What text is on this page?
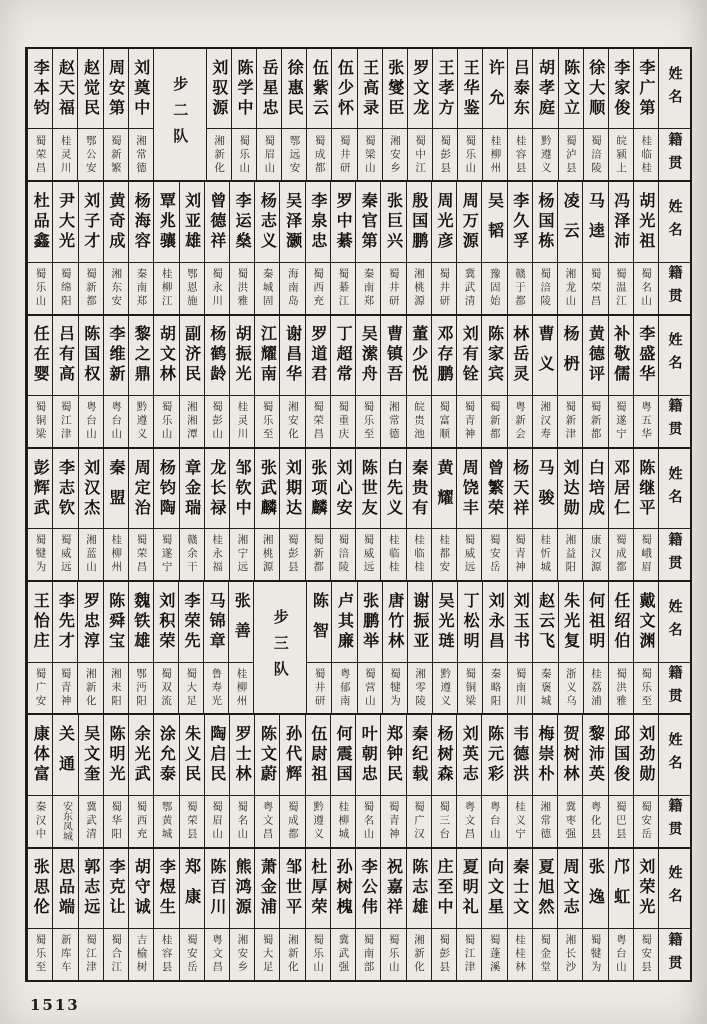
姓名
籍贯
李广第
桂临桂
李家俊
皖颍上
徐大顺
蜀涪陵
陈文立
蜀泸县
胡孝庭
黔遵义
吕泰东
桂容县
许允
桂柳州
王华鉴
蜀乐山
王孝方
蜀彭县
罗文龙
蜀中江
张燮臣
湘安乡
王高录
蜀梁山
伍少怀
蜀井研
伍紫云
蜀成都
徐惠民
鄂远安
岳星忠
蜀眉山
陈学中
蜀乐山
刘驭源
湘新化
步二队
刘奠中
湘常德
周安第
蜀新繁
赵觉民
鄂公安
赵天福
桂灵川
李本钧
蜀荣昌
姓名
籍贯
胡光祖
蜀名山
冯泽沛
蜀温江
马逵
蜀荣昌
凌云
湘龙山
杨国栋
蜀涪陵
李久孚
赣于都
吴韬
豫固始
周万源
冀武清
周光彦
蜀井研
殷国鹏
湘桃源
张巨兴
蜀井研
秦官第
秦南郑
罗中綦
蜀綦江
李泉忠
蜀西充
吴泽灏
海南岛
杨志义
秦城固
李运燊
蜀洪雅
曾德祥
蜀永川
刘亚雄
鄂恩施
覃兆骧
桂柳江
杨海容
秦南郑
黄奇成
湘东安
刘子才
蜀新都
尹大光
蜀绵阳
杜品鑫
蜀乐山
姓名
籍贯
李盛华
粤五华
补敬儒
蜀遂宁
黄德评
蜀新都
杨枬
蜀新津
曹义
湘汉寿
林岳灵
粤新会
陈家宾
蜀新都
刘有铨
蜀青神
邓存鹏
蜀富顺
董少悦
皖贵池
曹镇吾
湘常德
吴潆舟
蜀乐至
丁超常
蜀重庆
罗道君
蜀荣昌
谢昌华
湘安化
江耀南
蜀乐至
胡振光
桂灵川
杨鹤龄
蜀彭山
副济民
湘湘潭
胡文林
蜀乐山
黎之鼎
黔遵义
李维新
粤台山
陈国权
粤台山
吕有高
蜀江津
任在婴
蜀铜梁
姓名
籍贯
陈继平
蜀峨眉
邓居仁
蜀成都
白培成
康汉源
刘达勋
湘益阳
马骏
桂忻城
杨天祥
蜀青神
曾繁荣
蜀安岳
周饶丰
蜀威远
黄耀
桂都安
秦贵有
桂临桂
白先义
桂临桂
陈世友
蜀威远
刘心安
蜀涪陵
张项麟
蜀新都
刘期达
蜀彭县
张武麟
湘桃源
邹钦中
湘宁远
龙长禄
桂永福
章金瑞
赣余干
杨钧陶
蜀遂宁
周定治
蜀荣昌
秦盟
桂柳州
刘汉杰
湘蓝山
李志钦
蜀威远
彭辉武
蜀犍为
姓名
籍贯
戴文渊
蜀乐至
任绍伯
蜀洪雅
何祖明
桂荔浦
朱光复
浙义乌
赵云飞
秦褒城
刘玉书
蜀南川
刘永昌
秦略阳
丁松明
蜀铜梁
吴光琏
黔遵义
谢振亚
湘零陵
唐竹林
蜀犍为
张鹏举
蜀营山
卢其廉
粤郁南
陈智
蜀井研
步三队
张善
桂柳州
马锦章
鲁寿光
李荣先
蜀大足
刘积荣
蜀双流
魏铁雄
鄂沔阳
陈舜宝
湘耒阳
罗忠淳
湘新化
李先才
蜀青神
王怡庄
蜀广安
姓名
籍贯
刘劲勋
蜀安岳
邱国俊
蜀巴县
黎沛英
粤化县
贺树林
冀枣强
梅崇朴
湘常德
韦德洪
桂义宁
陈元彩
粤台山
刘英志
粤文昌
杨树森
蜀三台
秦纪载
蜀广汉
郑钟民
蜀青神
叶朝忠
蜀名山
何震国
桂柳城
伍尉祖
黔遵义
孙代辉
蜀成都
陈文蔚
粤文昌
罗士林
蜀名山
陶启民
蜀眉山
朱义民
蜀荣县
涂允泰
鄂黄城
余光武
蜀西充
陈明光
蜀华阳
吴文奎
冀武清
关通
安东凤城
康体富
秦汉中
姓名
籍贯
刘荣光
蜀安县
邝虹
粤台山
张逸
蜀犍为
周文志
湘长沙
夏旭然
蜀金堂
秦士文
桂桂林
向文星
蜀蓬溪
夏明礼
蜀江津
庄至中
蜀彭县
陈志雄
湘新化
祝嘉祥
蜀乐山
李公伟
蜀南部
孙树槐
冀武强
杜厚荣
蜀乐山
邹世平
湘新化
萧金浦
蜀大足
熊鸿源
湘安乡
陈百川
粤文昌
郑康
蜀安岳
李煜生
桂容县
胡守诚
吉榆树
李克让
蜀合江
郭志远
蜀江津
思品端
新库车
张思伦
蜀乐至
1513
